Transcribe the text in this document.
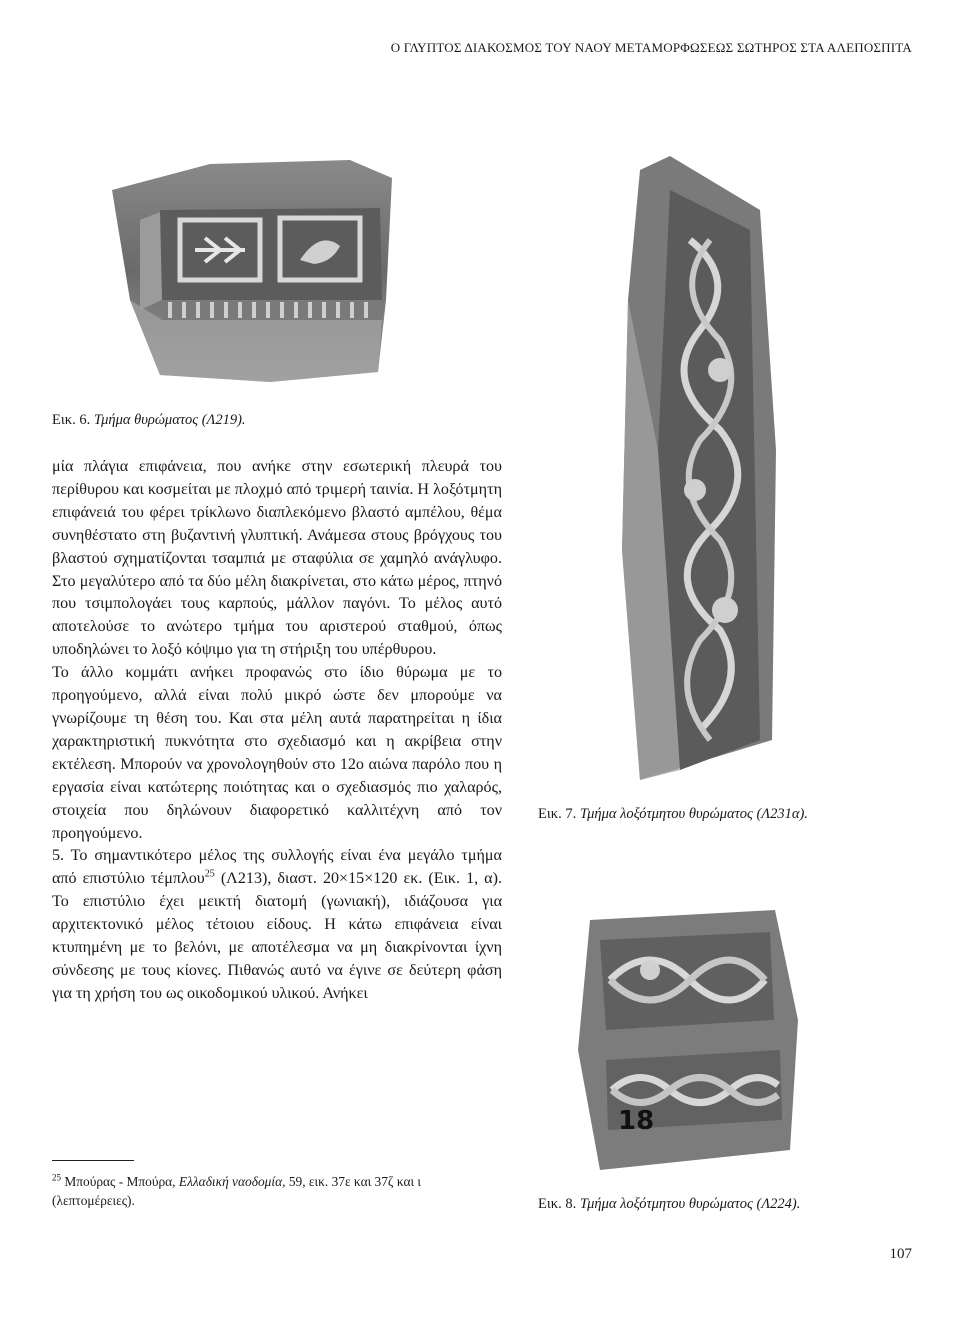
Ο ΓΛΥΠΤΟΣ ΔΙΑΚΟΣΜΟΣ ΤΟΥ ΝΑΟΥ ΜΕΤΑΜΟΡΦΩΣΕΩΣ ΣΩΤΗΡΟΣ ΣΤΑ ΑΛΕΠΟΣΠΙΤΑ
Εικ. 6. Τμήμα θυρώματος (Λ219).
Εικ. 7. Τμήμα λοξότμητου θυρώματος (Λ231α).
18
Εικ. 8. Τμήμα λοξότμητου θυρώματος (Λ224).

μία πλάγια επιφάνεια, που ανήκε στην εσωτερική πλευρά του περίθυρου και κοσμείται με πλοχμό από τριμερή ταινία. Η λοξότμητη επιφάνειά του φέρει τρίκλωνο διαπλεκόμενο βλαστό αμπέλου, θέμα συνηθέστατο στη βυζαντινή γλυπτική. Ανάμεσα στους βρόγχους του βλαστού σχηματίζονται τσαμπιά με σταφύλια σε χαμηλό ανάγλυφο. Στο μεγαλύτερο από τα δύο μέλη διακρίνεται, στο κάτω μέρος, πτηνό που τσιμπολογάει τους καρπούς, μάλλον παγόνι. Το μέλος αυτό αποτελούσε το ανώτερο τμήμα του αριστερού σταθμού, όπως υποδηλώνει το λοξό κόψιμο για τη στήριξη του υπέρθυρου.

Το άλλο κομμάτι ανήκει προφανώς στο ίδιο θύρωμα με το προηγούμενο, αλλά είναι πολύ μικρό ώστε δεν μπορούμε να γνωρίζουμε τη θέση του. Και στα μέλη αυτά παρατηρείται η ίδια χαρακτηριστική πυκνότητα στο σχεδιασμό και η ακρίβεια στην εκτέλεση. Μπορούν να χρονολογηθούν στο 12ο αιώνα παρόλο που η εργασία είναι κατώτερης ποιότητας και ο σχεδιασμός πιο χαλαρός, στοιχεία που δηλώνουν διαφορετικό καλλιτέχνη από τον προηγούμενο.

5. Το σημαντικότερο μέλος της συλλογής είναι ένα μεγάλο τμήμα από επιστύλιο τέμπλου$^{25}$ (Λ213), διαστ. 20×15×120 εκ. (Εικ. 1, α). Το επιστύλιο έχει μεικτή διατομή (γωνιακή), ιδιάζουσα για αρχιτεκτονικό μέλος τέτοιου είδους. Η κάτω επιφάνεια είναι κτυπημένη με το βελόνι, με αποτέλεσμα να μη διακρίνονται ίχνη σύνδεσης με τους κίονες. Πιθανώς αυτό να έγινε σε δεύτερη φάση για τη χρήση του ως οικοδομικού υλικού. Ανήκει

$^{25}$ Μπούρας - Μπούρα, Ελλαδική ναοδομία, 59, εικ. 37ε και 37ζ και ι (λεπτομέρειες).
107
